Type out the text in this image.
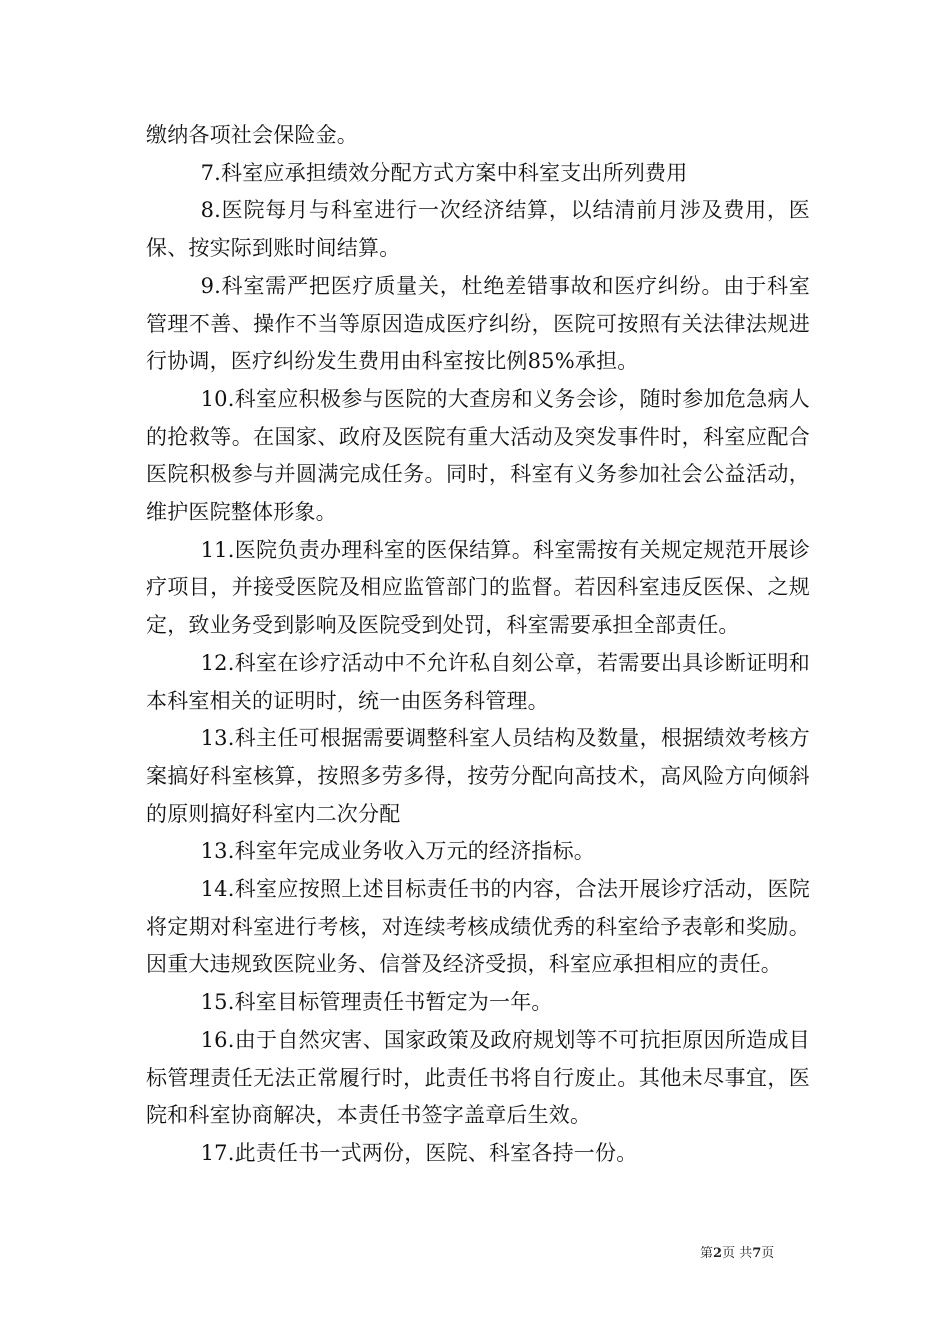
缴纳各项社会保险金。

7.科室应承担绩效分配方式方案中科室支出所列费用

8.医院每月与科室进行一次经济结算，以结清前月涉及费用，医保、按实际到账时间结算。

9.科室需严把医疗质量关，杜绝差错事故和医疗纠纷。由于科室管理不善、操作不当等原因造成医疗纠纷，医院可按照有关法律法规进行协调，医疗纠纷发生费用由科室按比例85%承担。

10.科室应积极参与医院的大查房和义务会诊，随时参加危急病人的抢救等。在国家、政府及医院有重大活动及突发事件时，科室应配合医院积极参与并圆满完成任务。同时，科室有义务参加社会公益活动，维护医院整体形象。

11.医院负责办理科室的医保结算。科室需按有关规定规范开展诊疗项目，并接受医院及相应监管部门的监督。若因科室违反医保、之规定，致业务受到影响及医院受到处罚，科室需要承担全部责任。

12.科室在诊疗活动中不允许私自刻公章，若需要出具诊断证明和本科室相关的证明时，统一由医务科管理。

13.科主任可根据需要调整科室人员结构及数量，根据绩效考核方案搞好科室核算，按照多劳多得，按劳分配向高技术，高风险方向倾斜的原则搞好科室内二次分配

13.科室年完成业务收入万元的经济指标。

14.科室应按照上述目标责任书的内容，合法开展诊疗活动，医院将定期对科室进行考核，对连续考核成绩优秀的科室给予表彰和奖励。因重大违规致医院业务、信誉及经济受损，科室应承担相应的责任。

15.科室目标管理责任书暂定为一年。

16.由于自然灾害、国家政策及政府规划等不可抗拒原因所造成目标管理责任无法正常履行时，此责任书将自行废止。其他未尽事宜，医院和科室协商解决，本责任书签字盖章后生效。

17.此责任书一式两份，医院、科室各持一份。

第2页 共7页
